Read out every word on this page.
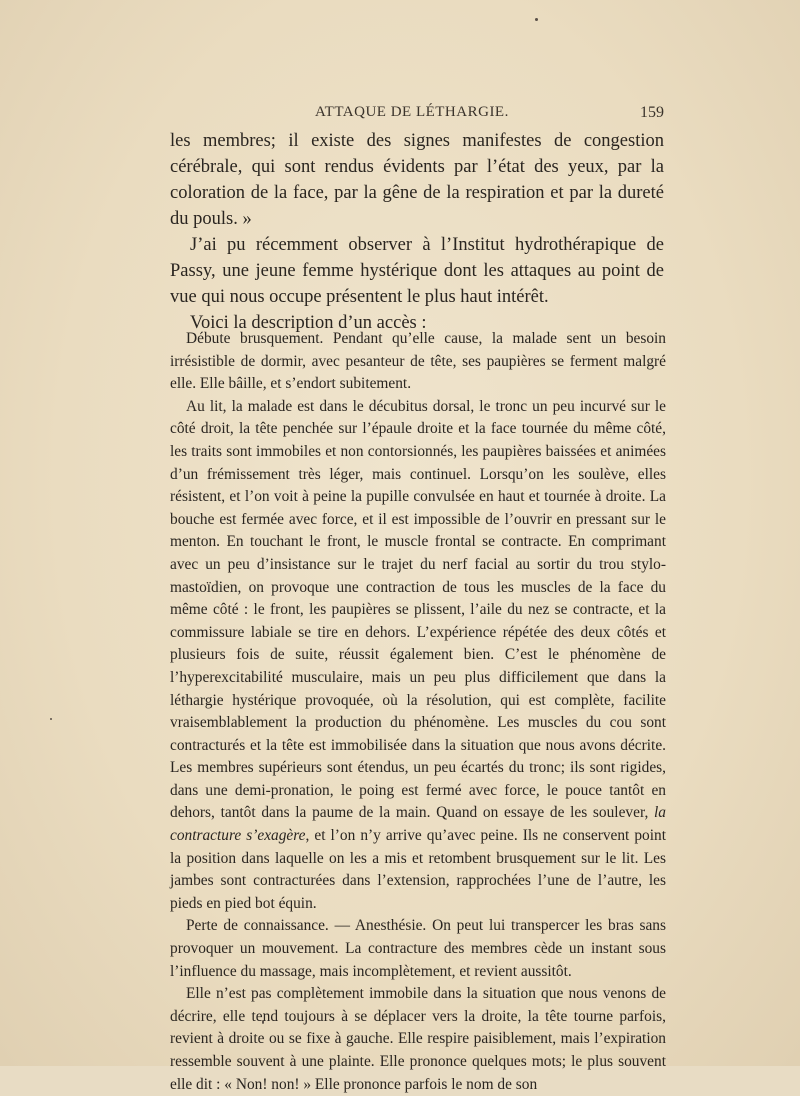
ATTAQUE DE LÉTHARGIE.	159

les membres; il existe des signes manifestes de congestion cérébrale, qui sont rendus évidents par l’état des yeux, par la coloration de la face, par la gêne de la respiration et par la dureté du pouls. »

J’ai pu récemment observer à l’Institut hydrothérapique de Passy, une jeune femme hystérique dont les attaques au point de vue qui nous occupe présentent le plus haut intérêt.

Voici la description d’un accès :

Débute brusquement. Pendant qu’elle cause, la malade sent un besoin irrésistible de dormir, avec pesanteur de tête, ses paupières se ferment malgré elle. Elle bâille, et s’endort subitement.

Au lit, la malade est dans le décubitus dorsal, le tronc un peu incurvé sur le côté droit, la tête penchée sur l’épaule droite et la face tournée du même côté, les traits sont immobiles et non contorsionnés, les paupières baissées et animées d’un frémissement très léger, mais continuel. Lorsqu’on les soulève, elles résistent, et l’on voit à peine la pupille convulsée en haut et tournée à droite. La bouche est fermée avec force, et il est impossible de l’ouvrir en pressant sur le menton. En touchant le front, le muscle frontal se contracte. En comprimant avec un peu d’insistance sur le trajet du nerf facial au sortir du trou stylo-mastoïdien, on provoque une contraction de tous les muscles de la face du même côté : le front, les paupières se plissent, l’aile du nez se contracte, et la commissure labiale se tire en dehors. L’expérience répétée des deux côtés et plusieurs fois de suite, réussit également bien. C’est le phénomène de l’hyperexcitabilité musculaire, mais un peu plus difficilement que dans la léthargie hystérique provoquée, où la résolution, qui est complète, facilite vraisemblablement la production du phénomène. Les muscles du cou sont contracturés et la tête est immobilisée dans la situation que nous avons décrite. Les membres supérieurs sont étendus, un peu écartés du tronc; ils sont rigides, dans une demi-pronation, le poing est fermé avec force, le pouce tantôt en dehors, tantôt dans la paume de la main. Quand on essaye de les soulever, la contracture s’exagère, et l’on n’y arrive qu’avec peine. Ils ne conservent point la position dans laquelle on les a mis et retombent brusquement sur le lit. Les jambes sont contracturées dans l’extension, rapprochées l’une de l’autre, les pieds en pied bot équin.

Perte de connaissance. — Anesthésie. On peut lui transpercer les bras sans provoquer un mouvement. La contracture des membres cède un instant sous l’influence du massage, mais incomplètement, et revient aussitôt.

Elle n’est pas complètement immobile dans la situation que nous venons de décrire, elle tend toujours à se déplacer vers la droite, la tête tourne parfois, revient à droite ou se fixe à gauche. Elle respire paisiblement, mais l’expiration ressemble souvent à une plainte. Elle prononce quelques mots; le plus souvent elle dit : « Non! non! » Elle prononce parfois le nom de son
